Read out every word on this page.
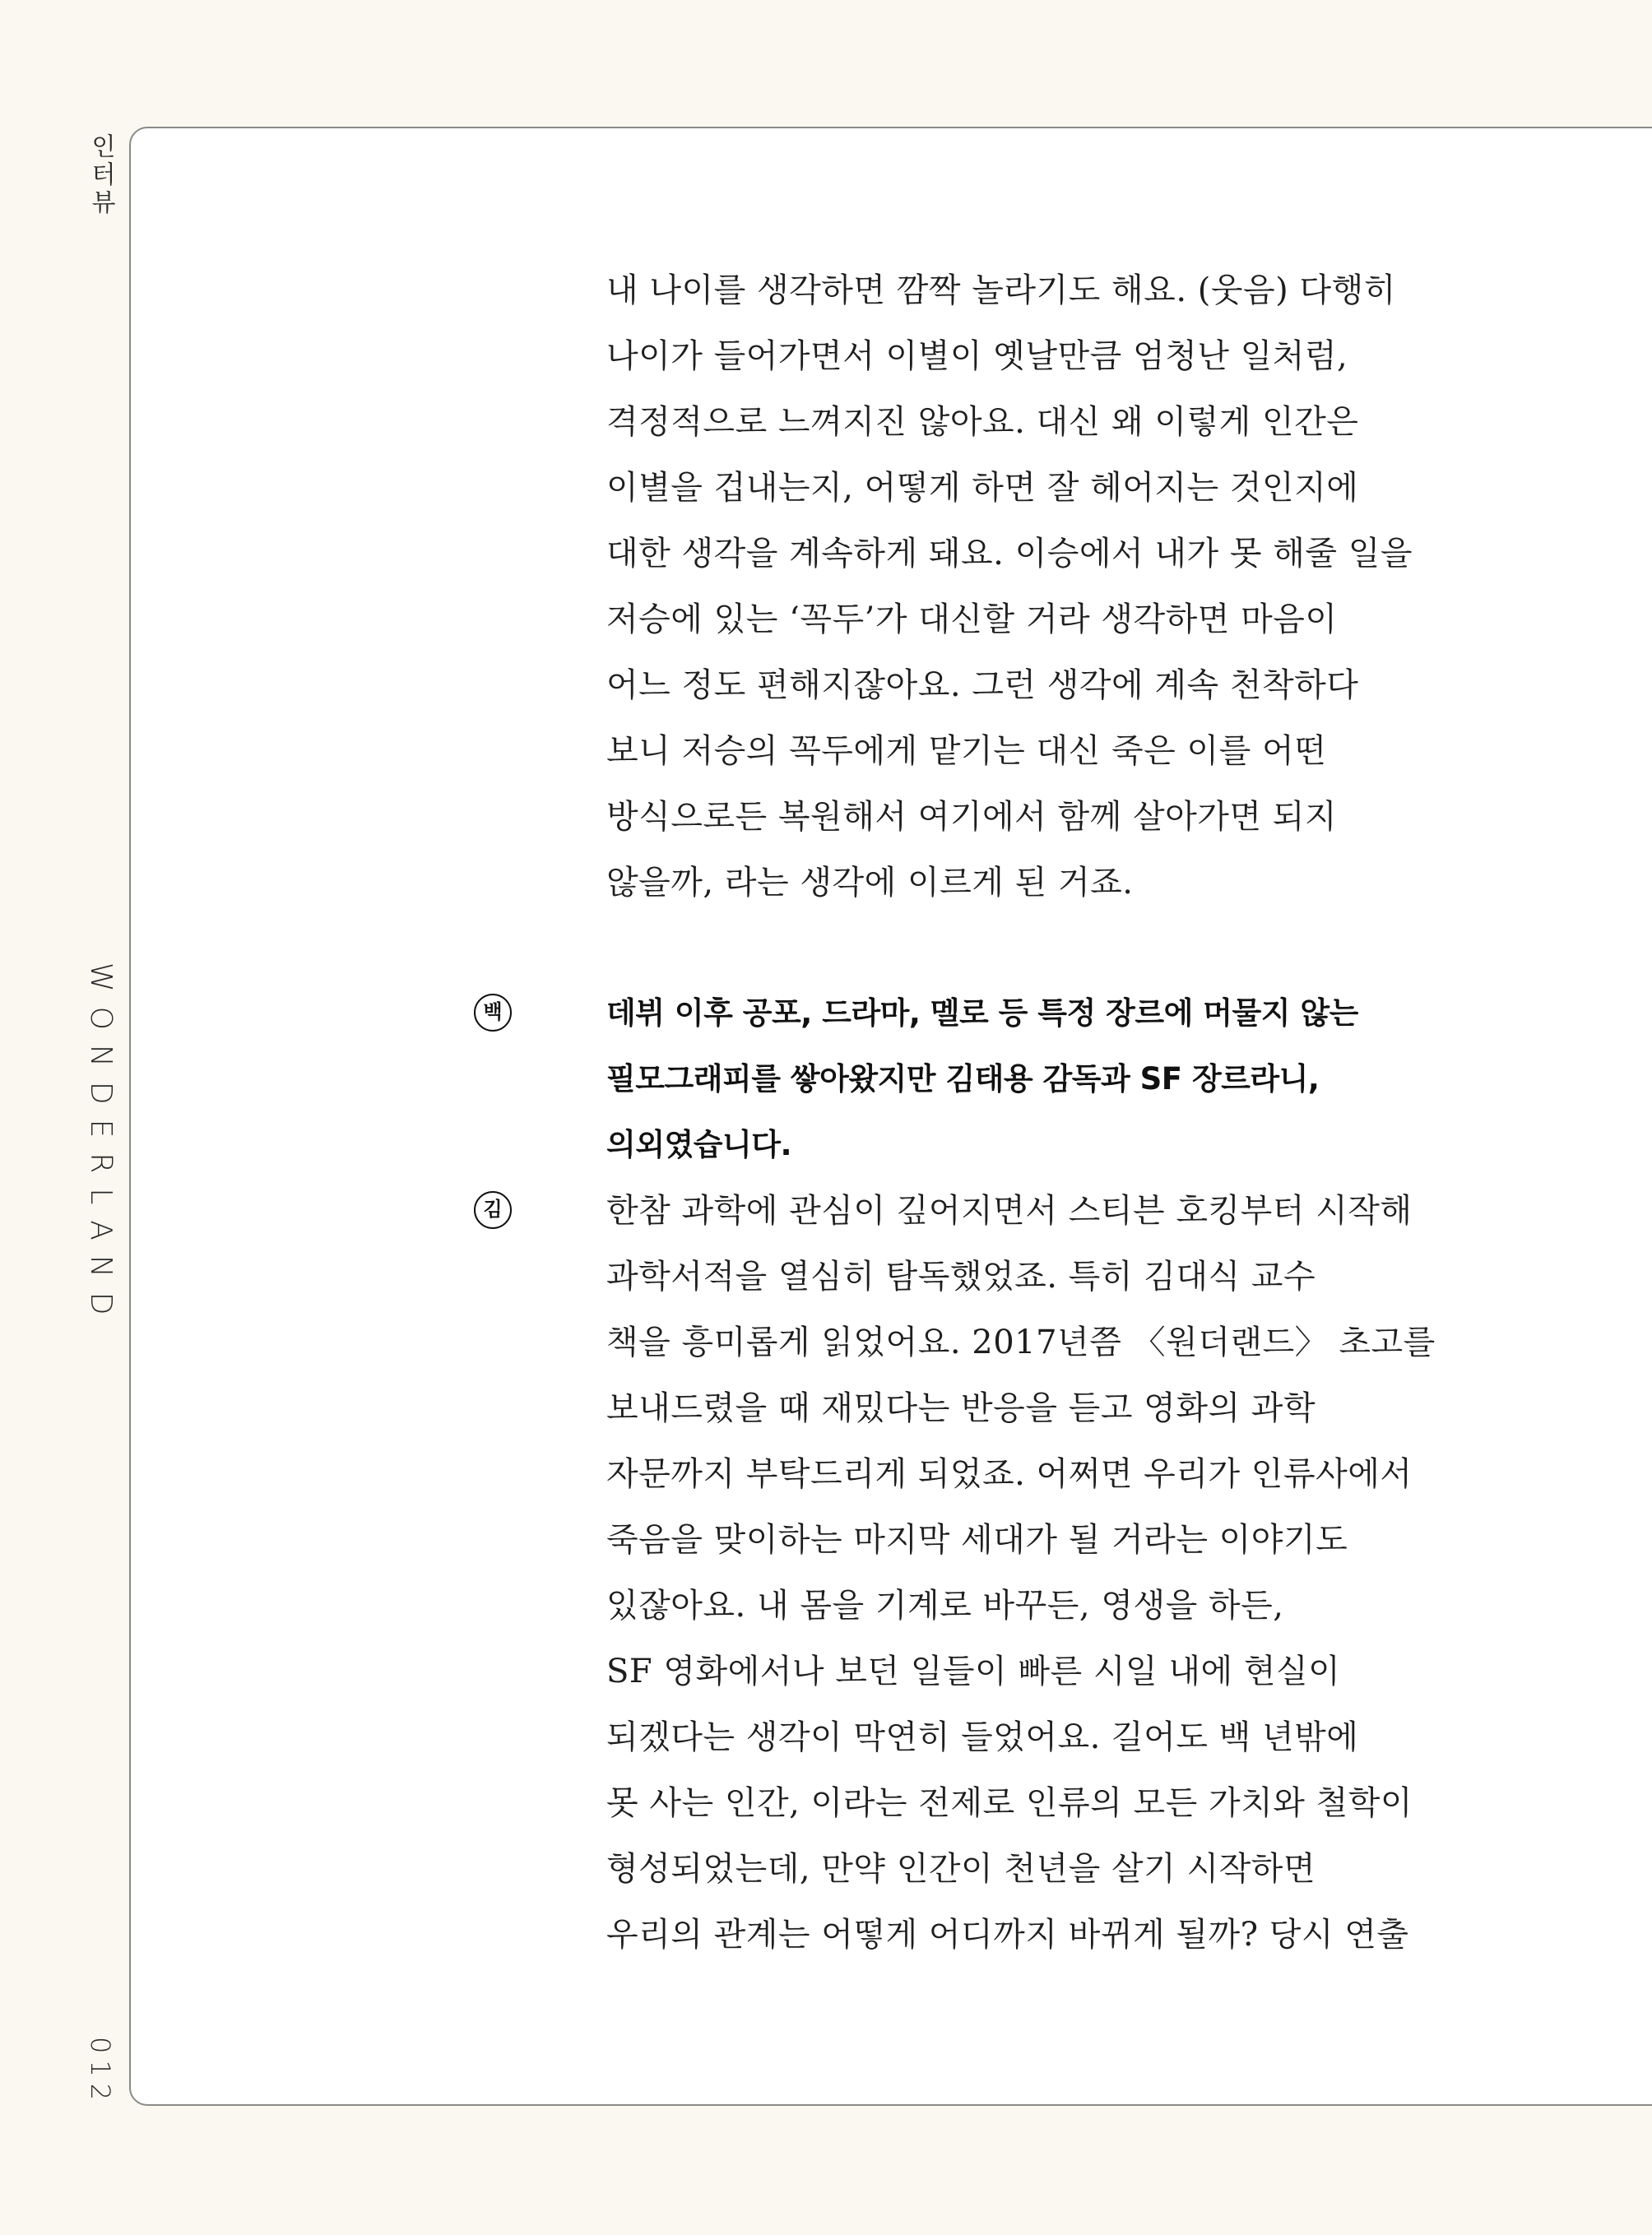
인터뷰
WONDERLAND
012
내 나이를 생각하면 깜짝 놀라기도 해요. (웃음) 다행히
나이가 들어가면서 이별이 옛날만큼 엄청난 일처럼,
격정적으로 느껴지진 않아요. 대신 왜 이렇게 인간은
이별을 겁내는지, 어떻게 하면 잘 헤어지는 것인지에
대한 생각을 계속하게 돼요. 이승에서 내가 못 해줄 일을
저승에 있는 ‘꼭두’가 대신할 거라 생각하면 마음이
어느 정도 편해지잖아요. 그런 생각에 계속 천착하다
보니 저승의 꼭두에게 맡기는 대신 죽은 이를 어떤
방식으로든 복원해서 여기에서 함께 살아가면 되지
않을까, 라는 생각에 이르게 된 거죠.
백	데뷔 이후 공포, 드라마, 멜로 등 특정 장르에 머물지 않는
필모그래피를 쌓아왔지만 김태용 감독과 SF 장르라니,
의외였습니다.
김	한참 과학에 관심이 깊어지면서 스티븐 호킹부터 시작해
과학서적을 열심히 탐독했었죠. 특히 김대식 교수
책을 흥미롭게 읽었어요. 2017년쯤 〈원더랜드〉 초고를
보내드렸을 때 재밌다는 반응을 듣고 영화의 과학
자문까지 부탁드리게 되었죠. 어쩌면 우리가 인류사에서
죽음을 맞이하는 마지막 세대가 될 거라는 이야기도
있잖아요. 내 몸을 기계로 바꾸든, 영생을 하든,
SF 영화에서나 보던 일들이 빠른 시일 내에 현실이
되겠다는 생각이 막연히 들었어요. 길어도 백 년밖에
못 사는 인간, 이라는 전제로 인류의 모든 가치와 철학이
형성되었는데, 만약 인간이 천년을 살기 시작하면
우리의 관계는 어떻게 어디까지 바뀌게 될까? 당시 연출
